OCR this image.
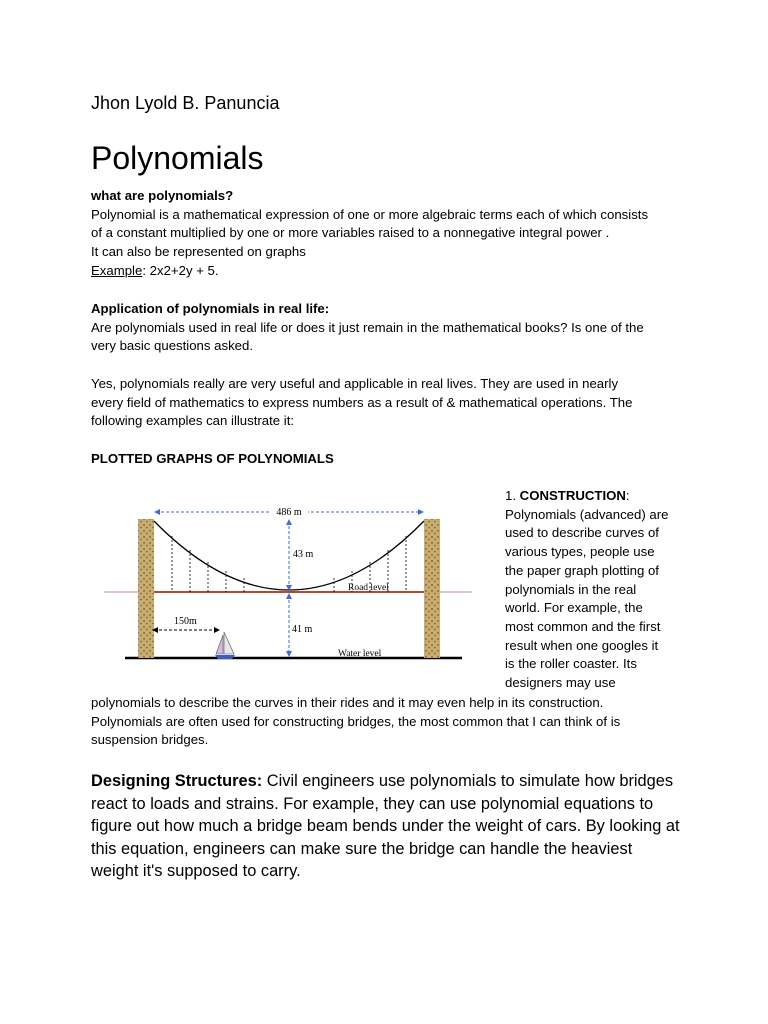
Jhon Lyold B. Panuncia
Polynomials

what are polynomials?

Polynomial is a mathematical expression of one or more algebraic terms each of which consists

of a constant multiplied by one or more variables raised to a nonnegative integral power .

It can also be represented on graphs

Example: 2x2+2y + 5.

Application of polynomials in real life:

Are polynomials used in real life or does it just remain in the mathematical books? Is one of the

very basic questions asked.

Yes, polynomials really are very useful and applicable in real lives. They are used in nearly

every field of mathematics to express numbers as a result of & mathematical operations. The

following examples can illustrate it:

PLOTTED GRAPHS OF POLYNOMIALS
486 m
43 m
Road level
41 m
150m
Water level

1. CONSTRUCTION:

Polynomials (advanced) are

used to describe curves of

various types, people use

the paper graph plotting of

polynomials in the real

world. For example, the

most common and the first

result when one googles it

is the roller coaster. Its

designers may use

polynomials to describe the curves in their rides and it may even help in its construction.

Polynomials are often used for constructing bridges, the most common that I can think of is

suspension bridges.

Designing Structures: Civil engineers use polynomials to simulate how bridges

react to loads and strains. For example, they can use polynomial equations to

figure out how much a bridge beam bends under the weight of cars. By looking at

this equation, engineers can make sure the bridge can handle the heaviest

weight it's supposed to carry.
